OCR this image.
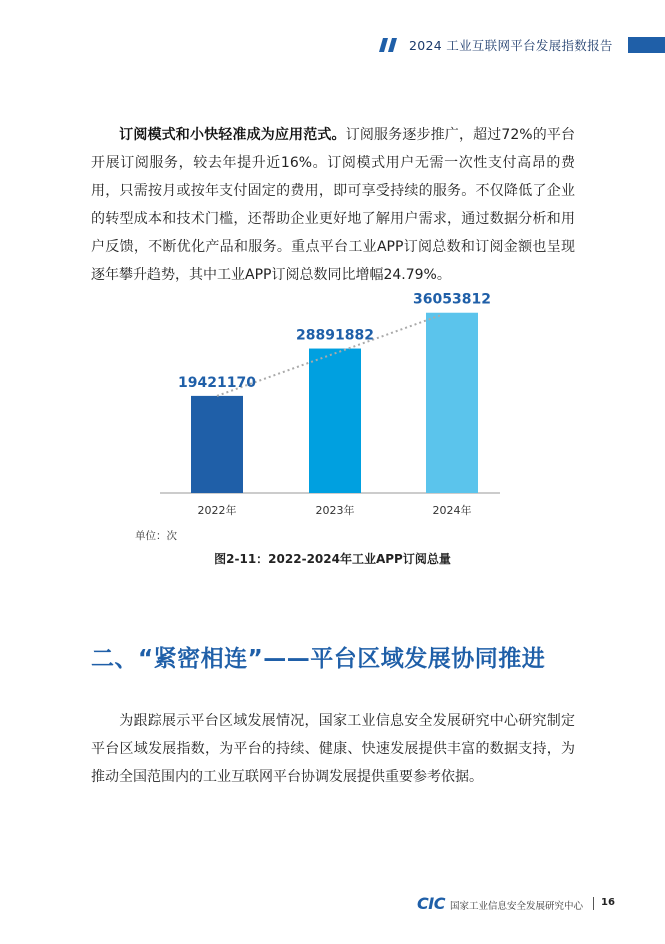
2024 工业互联网平台发展指数报告
订阅模式和小快轻准成为应用范式。订阅服务逐步推广，超过72%的平台开展订阅服务，较去年提升近16%。订阅模式用户无需一次性支付高昂的费用，只需按月或按年支付固定的费用，即可享受持续的服务。不仅降低了企业的转型成本和技术门槛，还帮助企业更好地了解用户需求，通过数据分析和用户反馈，不断优化产品和服务。重点平台工业APP订阅总数和订阅金额也呈现逐年攀升趋势，其中工业APP订阅总数同比增幅24.79%。
19421170
2022年
28891882
2023年
36053812
2024年
单位：次
图2-11：2022-2024年工业APP订阅总量
二、“紧密相连”——平台区域发展协同推进
为跟踪展示平台区域发展情况，国家工业信息安全发展研究中心研究制定平台区域发展指数，为平台的持续、健康、快速发展提供丰富的数据支持，为推动全国范围内的工业互联网平台协调发展提供重要参考依据。
CIC 国家工业信息安全发展研究中心 16
